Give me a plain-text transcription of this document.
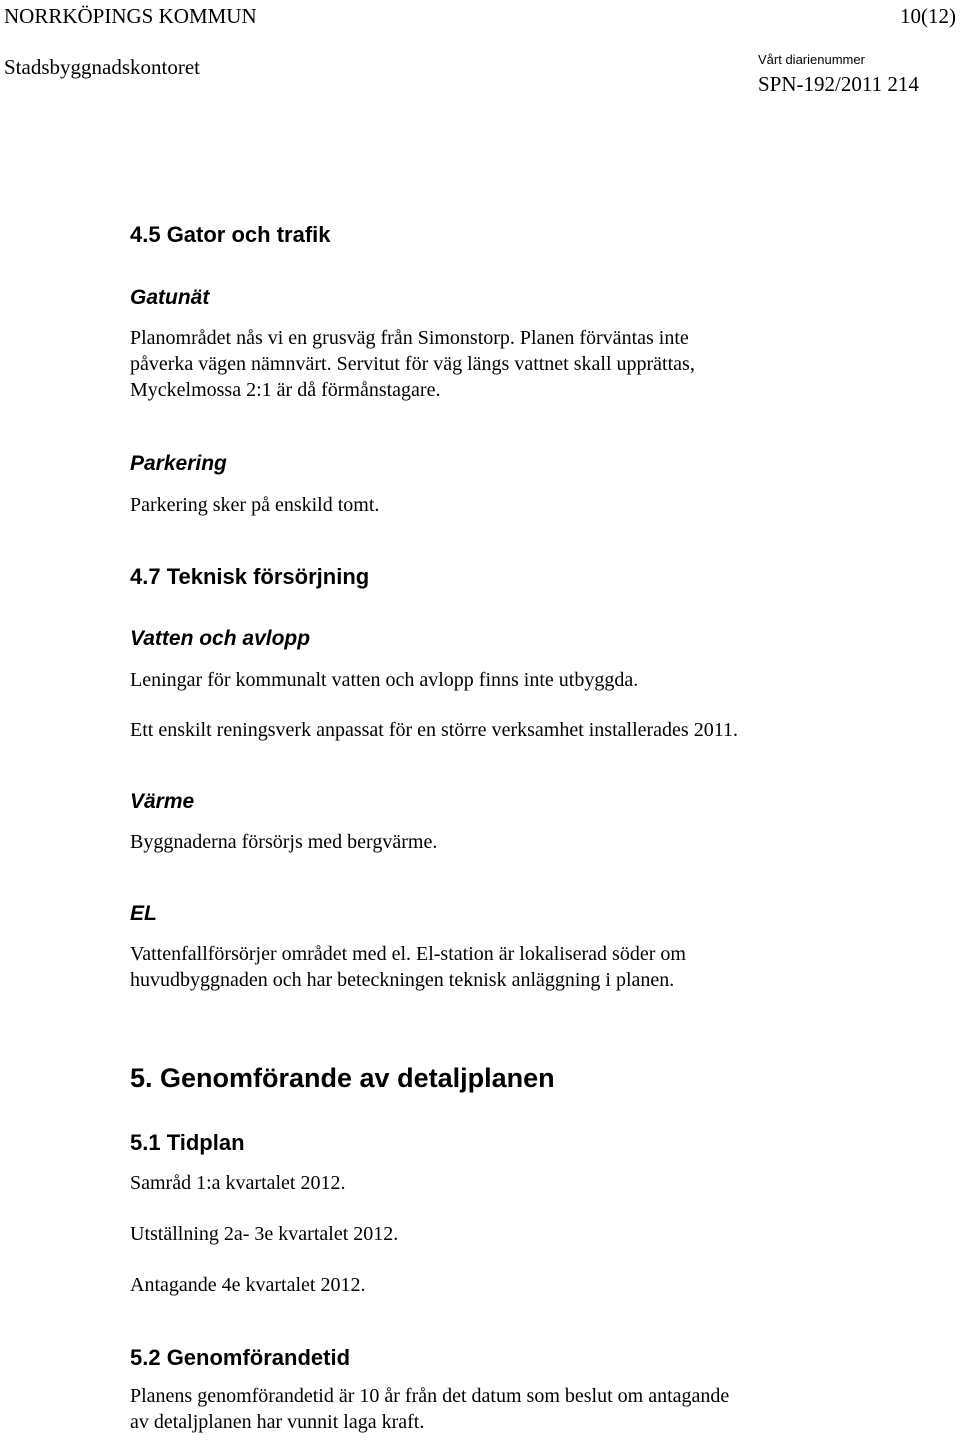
NORRKÖPINGS KOMMUN	10(12)

Stadsbyggnadskontoret	Vårt diarienummer

SPN-192/2011 214

4.5 Gator och trafik
Gatunät

Planområdet nås vi en grusväg från Simonstorp. Planen förväntas inte

påverka vägen nämnvärt. Servitut för väg längs vattnet skall upprättas,

Myckelmossa 2:1 är då förmånstagare.

Parkering

Parkering sker på enskild tomt.

4.7 Teknisk försörjning
Vatten och avlopp

Leningar för kommunalt vatten och avlopp finns inte utbyggda.

Ett enskilt reningsverk anpassat för en större verksamhet installerades 2011.

Värme

Byggnaderna försörjs med bergvärme.

EL

Vattenfallförsörjer området med el. El-station är lokaliserad söder om

huvudbyggnaden och har beteckningen teknisk anläggning i planen.

5. Genomförande av detaljplanen
5.1 Tidplan

Samråd 1:a kvartalet 2012.

Utställning 2a- 3e kvartalet 2012.

Antagande 4e kvartalet 2012.

5.2 Genomförandetid

Planens genomförandetid är 10 år från det datum som beslut om antagande

av detaljplanen har vunnit laga kraft.
